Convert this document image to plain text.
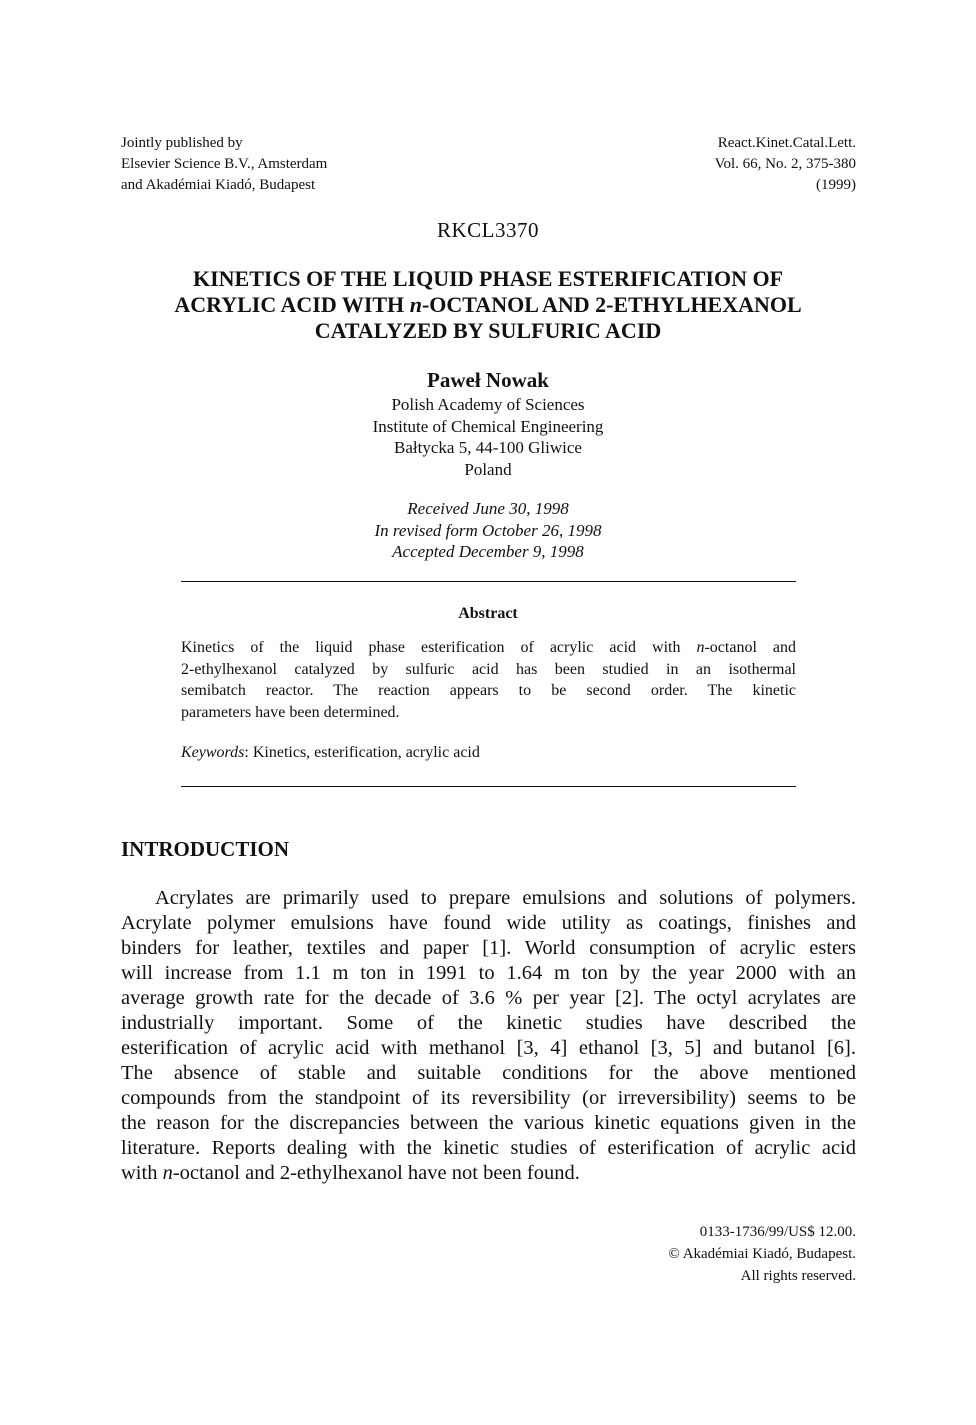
Jointly published by
Elsevier Science B.V., Amsterdam
and Akadémiai Kiadó, Budapest
React.Kinet.Catal.Lett.
Vol. 66, No. 2, 375-380
(1999)
RKCL3370
KINETICS OF THE LIQUID PHASE ESTERIFICATION OF
ACRYLIC ACID WITH n-OCTANOL AND 2-ETHYLHEXANOL
CATALYZED BY SULFURIC ACID
Paweł Nowak
Polish Academy of Sciences
Institute of Chemical Engineering
Bałtycka 5, 44-100 Gliwice
Poland
Received June 30, 1998
In revised form October 26, 1998
Accepted December 9, 1998
Abstract
Kinetics of the liquid phase esterification of acrylic acid with n-octanol and
2-ethylhexanol catalyzed by sulfuric acid has been studied in an isothermal
semibatch reactor. The reaction appears to be second order. The kinetic
parameters have been determined.
Keywords: Kinetics, esterification, acrylic acid
INTRODUCTION
Acrylates are primarily used to prepare emulsions and solutions of polymers.
Acrylate polymer emulsions have found wide utility as coatings, finishes and
binders for leather, textiles and paper [1]. World consumption of acrylic esters
will increase from 1.1 m ton in 1991 to 1.64 m ton by the year 2000 with an
average growth rate for the decade of 3.6 % per year [2]. The octyl acrylates are
industrially important. Some of the kinetic studies have described the
esterification of acrylic acid with methanol [3, 4] ethanol [3, 5] and butanol [6].
The absence of stable and suitable conditions for the above mentioned
compounds from the standpoint of its reversibility (or irreversibility) seems to be
the reason for the discrepancies between the various kinetic equations given in the
literature. Reports dealing with the kinetic studies of esterification of acrylic acid
with n-octanol and 2-ethylhexanol have not been found.
0133-1736/99/US$ 12.00.
© Akadémiai Kiadó, Budapest.
All rights reserved.
